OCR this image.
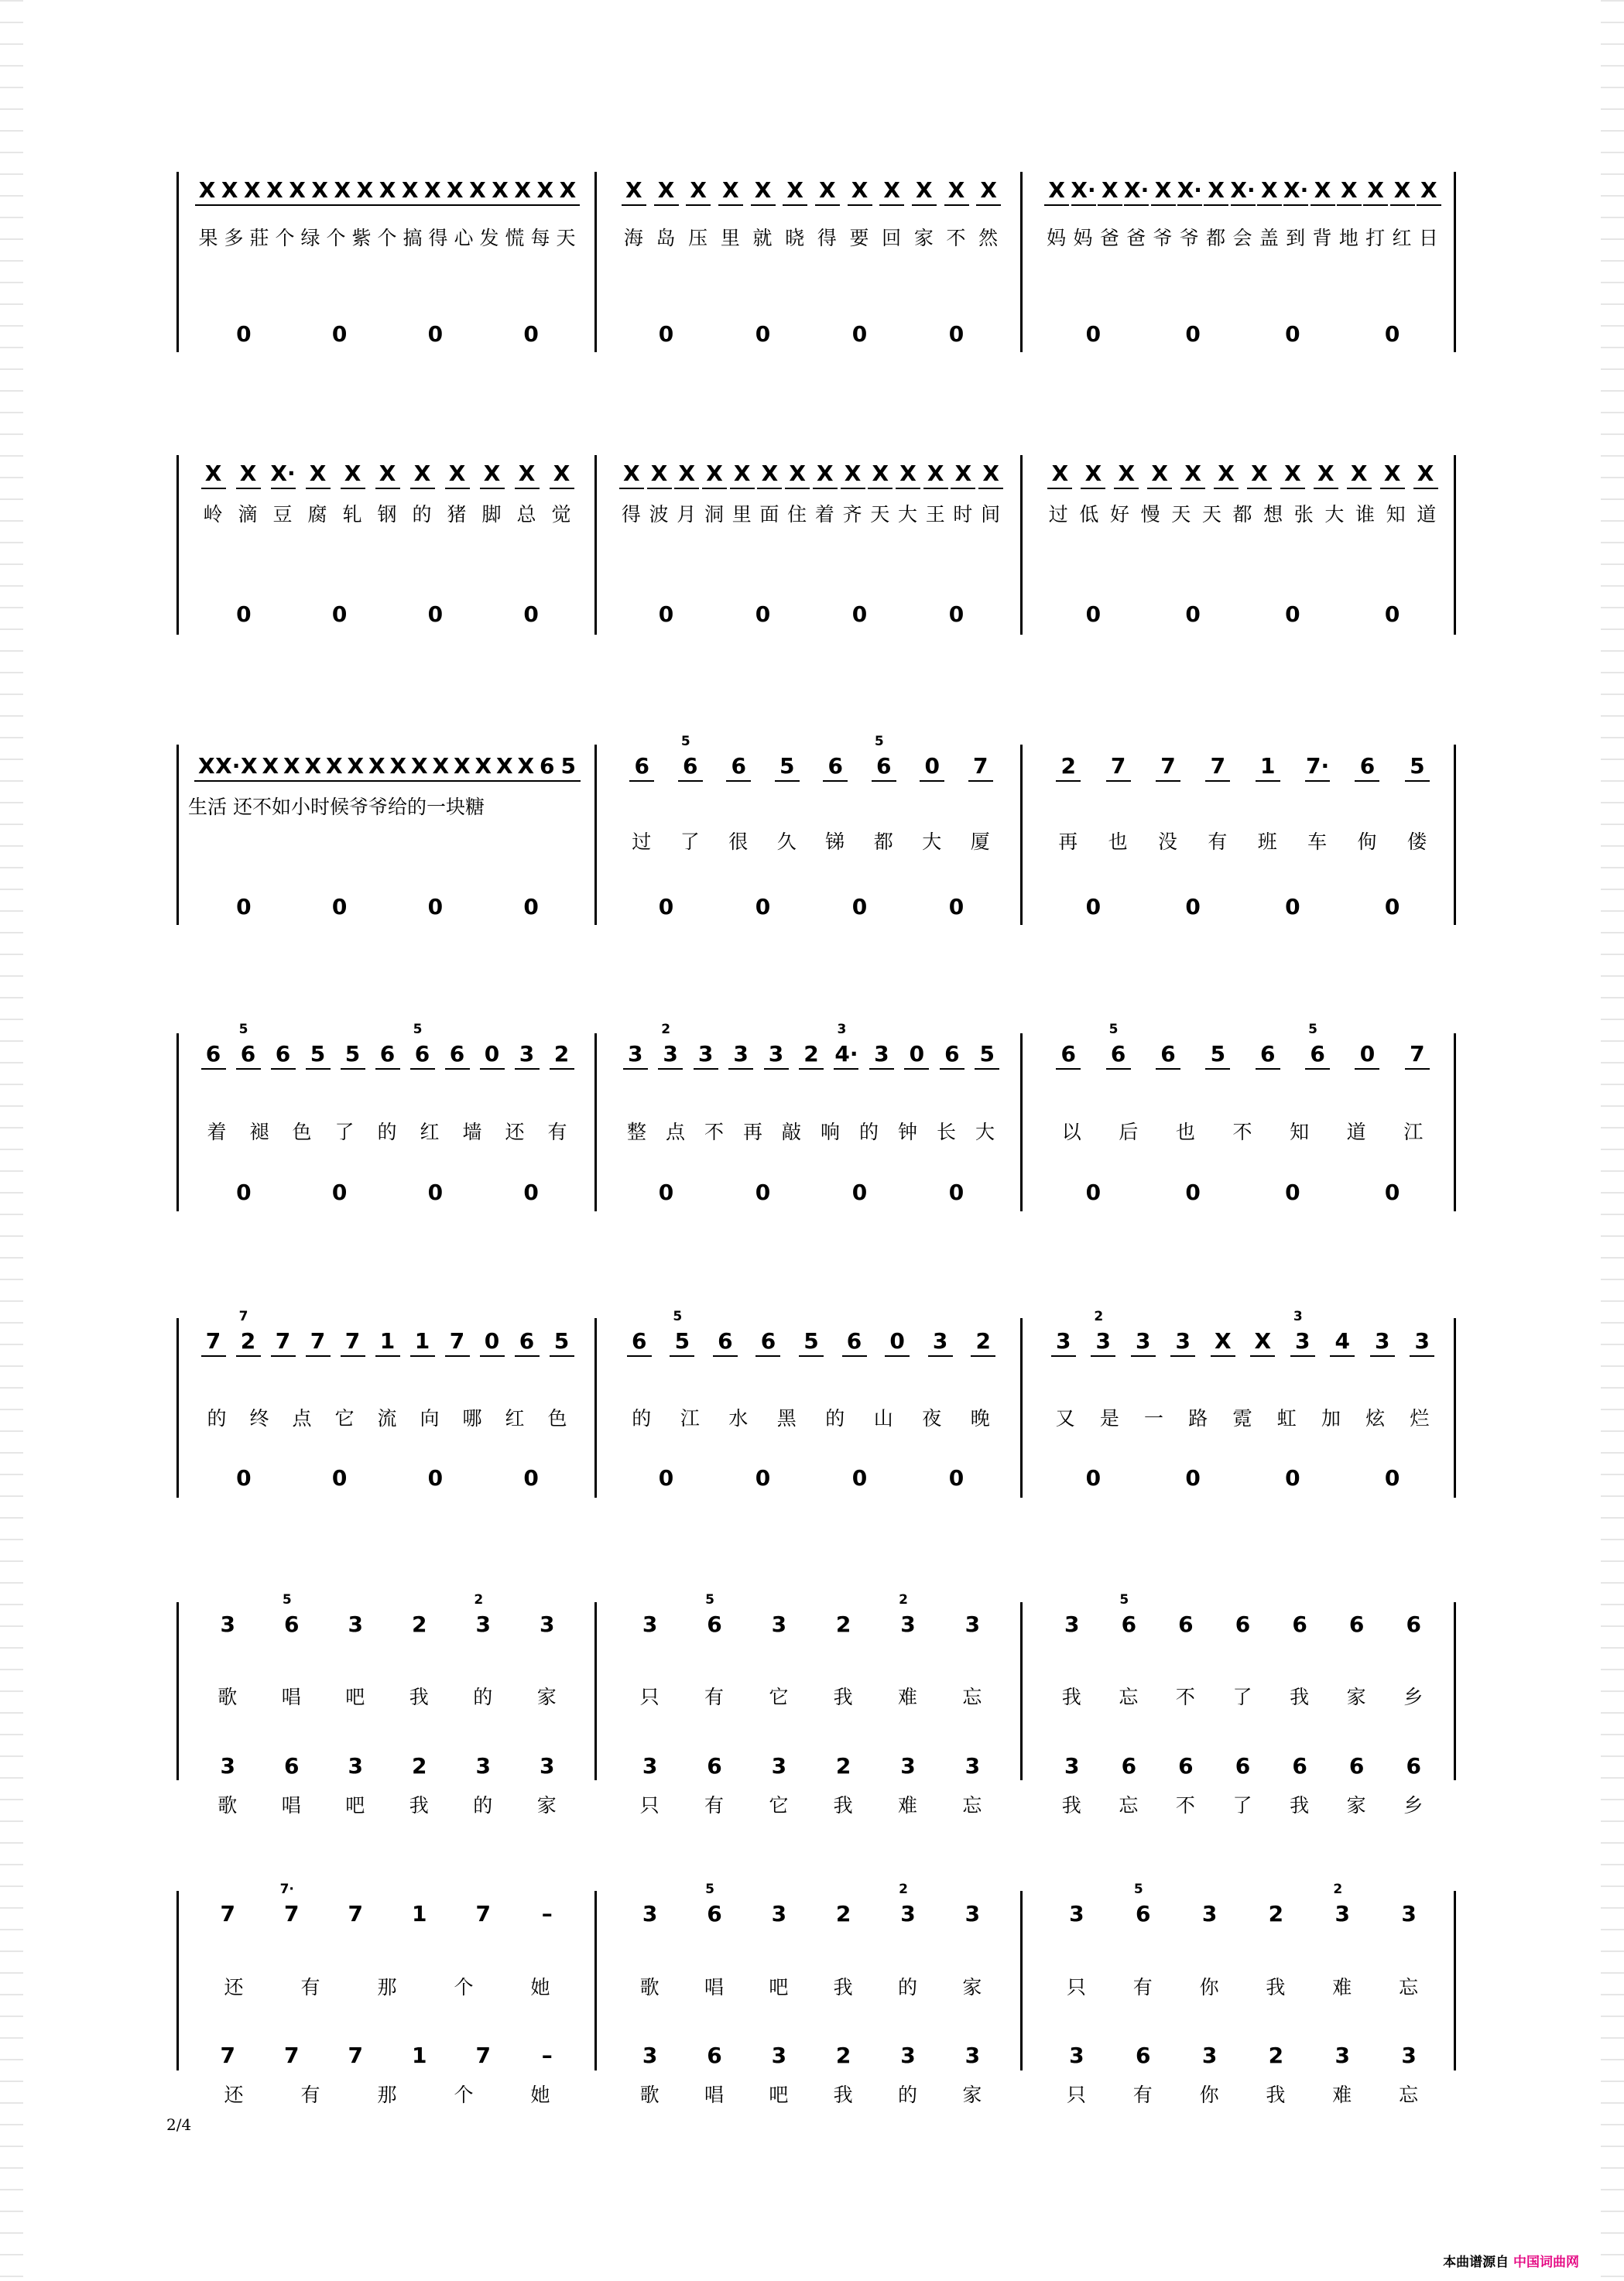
2/4
本曲谱源自 中国词曲网
X X X X X X X X X X X X X X X X X
果 多 莊 个 绿 个 紫 个 搞 得 心 发 慌 每 天
0	0	0	0
X X X X X X X X X X X X
海 岛 压 里 就 晓 得 要 回 家 不 然
0	0	0	0
X X· X X· X X· X X· X X· X X X X X
妈 妈 爸 爸 爷 爷 都 会 盖 到 背 地 打 红 日
0	0	0	0
X X X· X X X X X X X X
岭 滴 豆 腐 轧 钢 的 猪 脚 总 觉
0	0	0	0
X X X X X X X X X X X X X X
得 波 月 洞 里 面 住 着 齐 天 大 王 时 间
0	0	0	0
X X X X X X X X X X X X
过 低 好 慢 天 天 都 想 张 大 谁 知 道
0	0	0	0
X X· X X X X X X X X X X X X X X 6 5
生活 还不如小时候爷爷给的一块糖
0	0	0	0
6 6 6 5 6 6 0 7
过 了 很 久 锑 都 大 厦
0	0	0	0
5	5
2 7 7 7 1 7· 6 5
再 也 没 有 班 车 佝 偻
0	0	0	0
6 6 6 5 5 6 6 6 0 3 2
着 褪 色 了 的 红 墙 还 有
0	0	0	0
5	5
3 3 3 3 3 2 4· 3 0 6 5
整 点 不 再 敲 响 的 钟 长 大
0	0	0	0
2	3
6 6 6 5 6 6 0 7
以 后 也 不 知 道 江
0	0	0	0
5	5
7 2 7 7 7 1 1 7 0 6 5
的 终 点 它 流 向 哪 红 色
0	0	0	0
7
6 5 6 6 5 6 0 3 2
的 江 水 黑 的 山 夜 晚
0	0	0	0
5
3 3 3 3 X X 3 4 3 3
又 是 一 路 霓 虹 加 炫 烂
0	0	0	0
2	3
3 6 3 2 3 3
歌 唱 吧 我 的 家
3 6 3 2 3 3
歌 唱 吧 我 的 家
5	2
3 6 3 2 3 3
只 有 它 我 难 忘
3 6 3 2 3 3
只 有 它 我 难 忘
5	2
3 6 6 6 6 6 6
我 忘 不 了 我 家 乡
3 6 6 6 6 6 6
我 忘 不 了 我 家 乡
5
7 7 7 1 7	–
还	有	那	个	她
7 7 7 1 7	–
还	有	那	个	她
7·
3 6 3 2 3 3
歌 唱 吧 我 的 家
3 6 3 2 3 3
歌 唱 吧 我 的 家
5	2
3 6 3 2 3 3
只 有 你 我 难 忘
3 6 3 2 3 3
只 有 你 我 难 忘
5	2
